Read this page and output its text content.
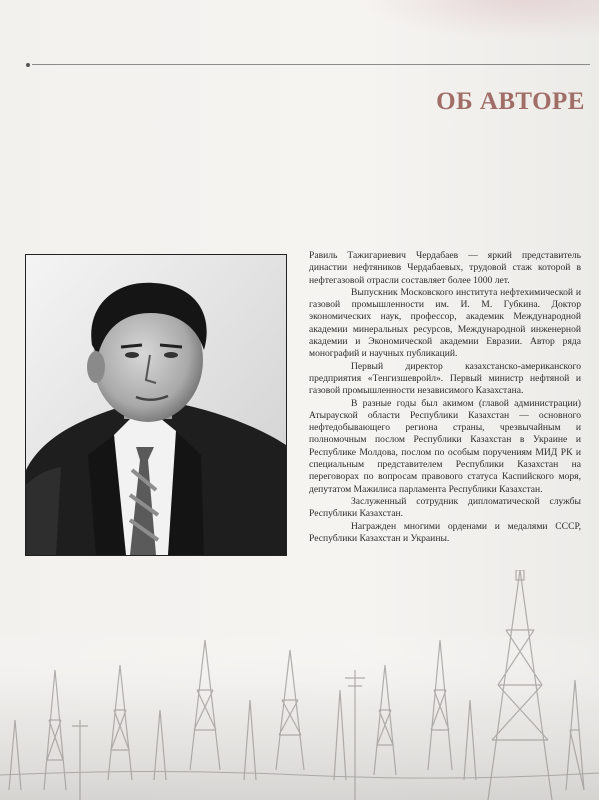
ОБ АВТОРЕ

Равиль Тажигариевич Чердабаев — яркий представитель династии нефтяников Чердабаевых, трудовой стаж которой в нефтегазовой отрасли составляет более 1000 лет.

Выпускник Московского института нефтехимической и газовой промышленности им. И. М. Губкина. Доктор экономических наук, профессор, академик Международной академии минеральных ресурсов, Международной инженерной академии и Экономической академии Евразии. Автор ряда монографий и научных публикаций.

Первый директор казахстанско-американского предприятия «Тенгизшевройл». Первый министр нефтяной и газовой промышленности независимого Казахстана.

В разные годы был акимом (главой администрации) Атырауской области Республики Казахстан — основного нефтедобывающего региона страны, чрезвычайным и полномочным послом Республики Казахстан в Украине и Республике Молдова, послом по особым поручениям МИД РК и специальным представителем Республики Казахстан на переговорах по вопросам правового статуса Каспийского моря, депутатом Мажилиса парламента Республики Казахстан.

Заслуженный сотрудник дипломатической службы Республики Казахстан.

Награжден многими орденами и медалями СССР, Республики Казахстан и Украины.
